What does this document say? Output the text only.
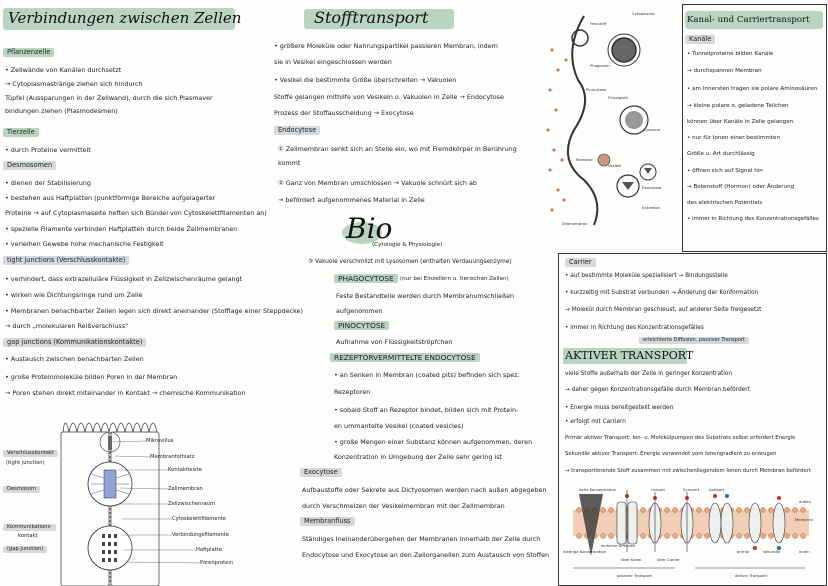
Verbindungen zwischen Zellen
Pflanzenzelle
• Zellwände von Kanälen durchsetzt
→ Cytoplasmastränge ziehen sich hindurch
Tüpfel (Aussparungen in der Zellwand), durch die sich Plasmaver
bindungen ziehen (Plasmodesmen)
Tierzelle
• durch Proteine vermittelt
Desmosomen
• dienen der Stabilisierung
• bestehen aus Haftplatten (punktförmige Bereiche aufgelagerter
Proteine → auf Cytoplasmaseite heften sich Bündel von Cytoskelettfilamenten an)
• spezielle Filamente verbinden Haftplatten durch beide Zellmembranen
• verleihen Gewebe hohe mechanische Festigkeit
tight junctions (Verschlusskontakte)
• verhindert, dass extrazelluläre Flüssigkeit in Zellzwischenräume gelangt
• wirken wie Dichtungsringe rund um Zelle
• Membranen benachbarter Zellen legen sich direkt aneinander (Stofflage einer Steppdecke)
→ durch „molekularen Reißverschluss"
gap junctions (Kommunikationskontakte)
• Austausch zwischen benachbarten Zellen
• große Proteinmoleküle bilden Poren in der Membran
→ Poren stehen direkt miteinander in Kontakt → chemische Kommunikation
Verschlusskontakt
(tight junction)
Desmosom
Kommunikations-
kontakt
(gap junction)
Mikrovillus
Membranfortsatz
Kontaktleiste
Zellmembran
Zellzwischenraum
Cytoskelettfilamente
Verbindungsfilamente
Haftplatte
Porenprotein
Stofftransport
• größere Moleküle oder Nahrungspartikel passieren Membran, indem
sie in Vesikel eingeschlossen werden
• Vesikel die bestimmte Größe überschreiten → Vakuolen
Stoffe gelangen mithilfe von Vesikeln o. Vakuolen in Zelle → Endocytose
Prozess der Stoffausscheidung → Exocytose
Endocytose
① Zellmembran senkt sich an Stelle ein, wo mit Fremdkörper in Berührung
kommt
② Ganz von Membran umschlossen → Vakuole schnürt sich ab
→ befördert aufgenommenes Material in Zelle
Bio
(Cytologie & Physiologie)
③ Vakuole verschmilzt mit Lysosomen (enthalten Verdauungsenzyme)
PHAGOCYTOSE	(nur bei Einzellern u. tierischen Zellen)
Feste Bestandteile werden durch Membranumschließen
aufgenommen
PINOCYTOSE
Aufnahme von Flüssigkeitströpfchen
REZEPTORVERMITTELTE ENDOCYTOSE
• an Senken in Membran (coated pits) befinden sich spez.
Rezeptoren
• sobald Stoff an Rezeptor bindet, bilden sich mit Protein-
en ummantelte Vesikel (coated vesicles)
• große Mengen einer Substanz können aufgenommen, deren
Konzentration in Umgebung der Zelle sehr gering ist
Exocytose
Aufbaustoffe oder Sekrete aus Dictyosomen werden nach außen abgegeben
durch Verschmelzen der Vesikelmembran mit der Zellmembran
Membranfluss
Ständiges Ineinanderübergehen der Membranen innerhalb der Zelle durch
Endocytose und Exocytose an den Zellorganellen zum Austausch von Stoffen
Cytoplasma
Feststoff
Phagosom
Pinocytose
Flüssigkeit
Rezeptor
Vesikel
Lysosom
Exocytose
Exkretion
Zellmembran
Kanal- und Carriertransport
Kanäle
• Tunnelproteine bilden Kanäle
→ durchspannen Membran
• am Innersten tragen sie polare Aminosäuren
→ kleine polare o. geladene Teilchen
können über Kanäle in Zelle gelangen
• nur für Ionen einer bestimmten
Größe u. Art durchlässig
• öffnen sich auf Signal hin
→ Botenstoff (Hormon) oder Änderung
des elektrischen Potentials
• immer in Richtung des Konzentrationsgefälles
Carrier
• auf bestimmte Moleküle spezialisiert → Bindungsstelle
• kurzzeitig mit Substrat verbunden → Änderung der Konformation
→ Molekül durch Membran geschleust, auf anderer Seite freigesetzt
• immer in Richtung des Konzentrationsgefälles
erleichterte Diffusion, passiver Transport
AKTIVER TRANSPORT
viele Stoffe außerhalb der Zelle in geringer Konzentration
→ daher gegen Konzentrationsgefälle durch Membran befördert
• Energie muss bereitgestellt werden
• erfolgt mit Carriern
Primär aktiver Transport: Ion- u. Molekülpumpen des Substrats selbst erfordert Energie
Sekundär aktiver Transport: Energie verwendet vom Ionengradient zu erzeugen
→ transportierende Stoff zusammen mit zwischenliegendem Ionen durch Membran befördert
hohe Konzentration	Uniport	Symport	Antiport
außen
Membran
niedrige Konzentration
einfache Diffusion
über Kanal	über Carrier
primär	sekundär	innen
passiver Transport	aktiver Transport
